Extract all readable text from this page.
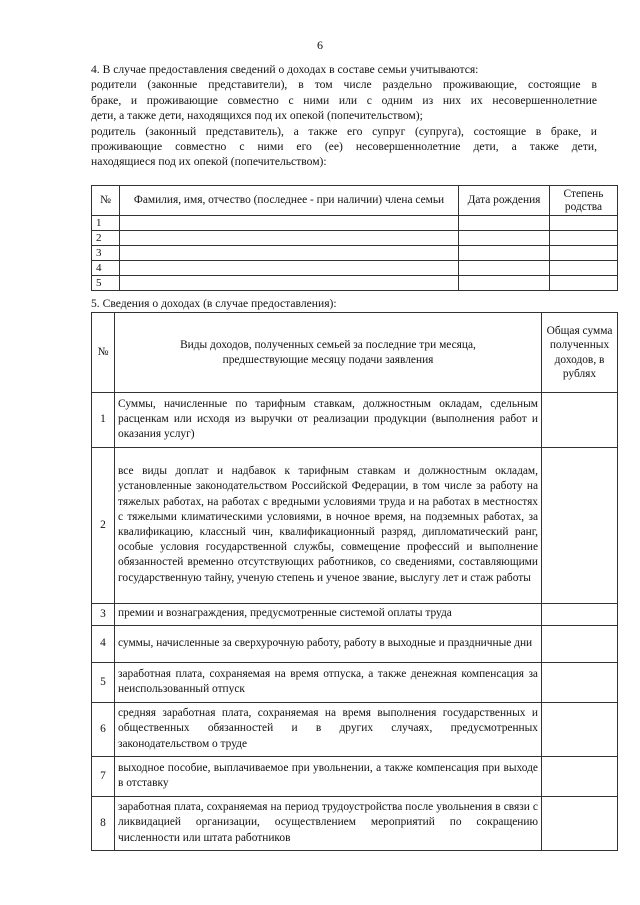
6

4. В случае предоставления сведений о доходах в составе семьи учитываются:

родители (законные представители), в том числе раздельно проживающие, состоящие в

браке, и проживающие совместно с ними или с одним из них их несовершеннолетние

дети, а также дети, находящихся под их опекой (попечительством);

родитель (законный представитель), а также его супруг (супруга), состоящие в браке, и

проживающие совместно с ними его (ее) несовершеннолетние дети, а также дети,

находящиеся под их опекой (попечительством):

№	Фамилия, имя, отчество (последнее - при наличии) члена семьи	Дата рождения	Степень родства
1			
2			
3			
4			
5			
5. Сведения о доходах (в случае предоставления):
№	Виды доходов, полученных семьей за последние три месяца, предшествующие месяцу подачи заявления	Общая сумма полученных доходов, в рублях
1	Суммы, начисленные по тарифным ставкам, должностным окладам, сдельным расценкам или исходя из выручки от реализации продукции (выполнения работ и оказания услуг)	
2	все виды доплат и надбавок к тарифным ставкам и должностным окладам, установленные законодательством Российской Федерации, в том числе за работу на тяжелых работах, на работах с вредными условиями труда и на работах в местностях с тяжелыми климатическими условиями, в ночное время, на подземных работах, за квалификацию, классный чин, квалификационный разряд, дипломатический ранг, особые условия государственной службы, совмещение профессий и выполнение обязанностей временно отсутствующих работников, со сведениями, составляющими государственную тайну, ученую степень и ученое звание, выслугу лет и стаж работы	
3	премии и вознаграждения, предусмотренные системой оплаты труда	
4	суммы, начисленные за сверхурочную работу, работу в выходные и праздничные дни	
5	заработная плата, сохраняемая на время отпуска, а также денежная компенсация за неиспользованный отпуск	
6	средняя заработная плата, сохраняемая на время выполнения государственных и общественных обязанностей и в других случаях, предусмотренных законодательством о труде	
7	выходное пособие, выплачиваемое при увольнении, а также компенсация при выходе в отставку	
8	заработная плата, сохраняемая на период трудоустройства после увольнения в связи с ликвидацией организации, осуществлением мероприятий по сокращению численности или штата работников	
